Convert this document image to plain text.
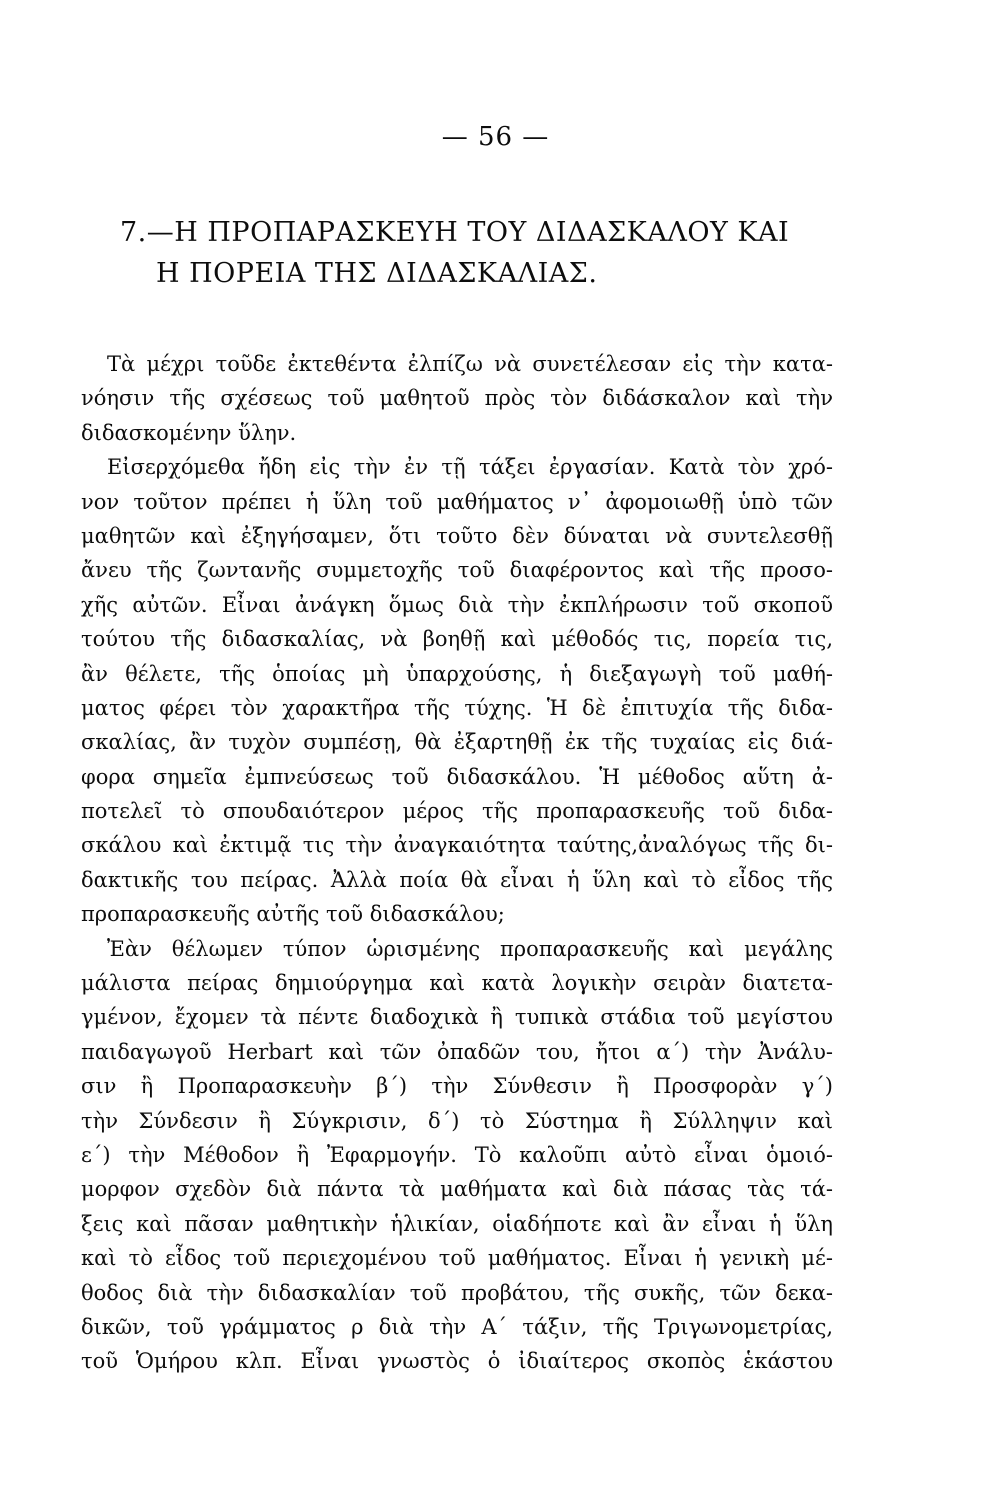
— 56 —
7.—Η ΠΡΟΠΑΡΑΣΚΕΥΗ ΤΟΥ ΔΙΔΑΣΚΑΛΟΥ ΚΑΙ
Η ΠΟΡΕΙΑ ΤΗΣ ΔΙΔΑΣΚΑΛΙΑΣ.
Τὰ μέχρι τοῦδε ἐκτεθέντα ἐλπίζω νὰ συνετέλεσαν εἰς τὴν κατα-
νόησιν τῆς σχέσεως τοῦ μαθητοῦ πρὸς τὸν διδάσκαλον καὶ τὴν
διδασκομένην ὕλην.
Εἰσερχόμεθα ἤδη εἰς τὴν ἐν τῇ τάξει ἐργασίαν. Κατὰ τὸν χρό-
νον τοῦτον πρέπει ἡ ὕλη τοῦ μαθήματος ν᾿ ἀφομοιωθῇ ὑπὸ τῶν
μαθητῶν καὶ ἐξηγήσαμεν, ὅτι τοῦτο δὲν δύναται νὰ συντελεσθῇ
ἄνευ τῆς ζωντανῆς συμμετοχῆς τοῦ διαφέροντος καὶ τῆς προσο-
χῆς αὐτῶν. Εἶναι ἀνάγκη ὅμως διὰ τὴν ἐκπλήρωσιν τοῦ σκοποῦ
τούτου τῆς διδασκαλίας, νὰ βοηθῇ καὶ μέθοδός τις, πορεία τις,
ἂν θέλετε, τῆς ὁποίας μὴ ὑπαρχούσης, ἡ διεξαγωγὴ τοῦ μαθή-
ματος φέρει τὸν χαρακτῆρα τῆς τύχης. Ἡ δὲ ἐπιτυχία τῆς διδα-
σκαλίας, ἂν τυχὸν συμπέσῃ, θὰ ἐξαρτηθῇ ἐκ τῆς τυχαίας εἰς διά-
φορα σημεῖα ἐμπνεύσεως τοῦ διδασκάλου. Ἡ μέθοδος αὕτη ἀ-
ποτελεῖ τὸ σπουδαιότερον μέρος τῆς προπαρασκευῆς τοῦ διδα-
σκάλου καὶ ἐκτιμᾷ τις τὴν ἀναγκαιότητα ταύτης,ἀναλόγως τῆς δι-
δακτικῆς του πείρας. Ἀλλὰ ποία θὰ εἶναι ἡ ὕλη καὶ τὸ εἶδος τῆς
προπαρασκευῆς αὐτῆς τοῦ διδασκάλου;
Ἐὰν θέλωμεν τύπον ὡρισμένης προπαρασκευῆς καὶ μεγάλης
μάλιστα πείρας δημιούργημα καὶ κατὰ λογικὴν σειρὰν διατετα-
γμένον, ἔχομεν τὰ πέντε διαδοχικὰ ἢ τυπικὰ στάδια τοῦ μεγίστου
παιδαγωγοῦ Herbart καὶ τῶν ὀπαδῶν του, ἤτοι α΄) τὴν Ἀνάλυ-
σιν ἢ Προπαρασκευὴν β΄) τὴν Σύνθεσιν ἢ Προσφορὰν γ΄)
τὴν Σύνδεσιν ἢ Σύγκρισιν, δ΄) τὸ Σύστημα ἢ Σύλληψιν καὶ
ε΄) τὴν Μέθοδον ἢ Ἐφαρμογήν. Τὸ καλοῦπι αὐτὸ εἶναι ὁμοιό-
μορφον σχεδὸν διὰ πάντα τὰ μαθήματα καὶ διὰ πάσας τὰς τά-
ξεις καὶ πᾶσαν μαθητικὴν ἡλικίαν, οἱαδήποτε καὶ ἂν εἶναι ἡ ὕλη
καὶ τὸ εἶδος τοῦ περιεχομένου τοῦ μαθήματος. Εἶναι ἡ γενικὴ μέ-
θοδος διὰ τὴν διδασκαλίαν τοῦ προβάτου, τῆς συκῆς, τῶν δεκα-
δικῶν, τοῦ γράμματος ρ διὰ τὴν Α΄ τάξιν, τῆς Τριγωνομετρίας,
τοῦ Ὁμήρου κλπ. Εἶναι γνωστὸς ὁ ἰδιαίτερος σκοπὸς ἑκάστου
